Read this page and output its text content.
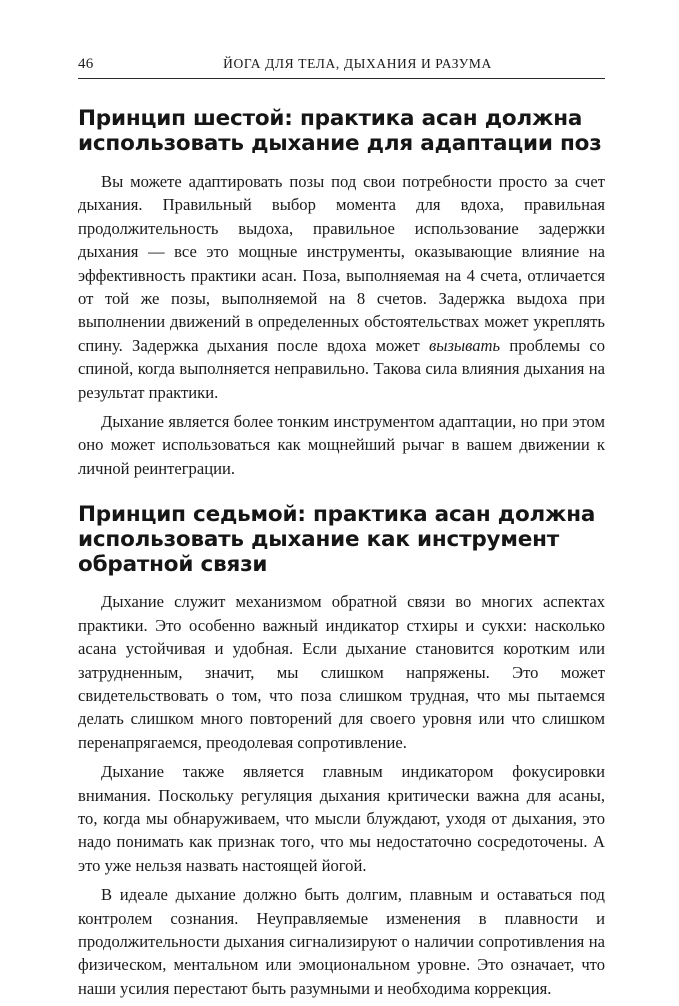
46	ЙОГА ДЛЯ ТЕЛА, ДЫХАНИЯ И РАЗУМА
Принцип шестой: практика асан должна использовать дыхание для адаптации поз

Вы можете адаптировать позы под свои потребности просто за счет дыхания. Правильный выбор момента для вдоха, правильная продолжительность выдоха, правильное использование задержки дыхания — все это мощные инструменты, оказывающие влияние на эффективность практики асан. Поза, выполняемая на 4 счета, отличается от той же позы, выполняемой на 8 счетов. Задержка выдоха при выполнении движений в определенных обстоятельствах может укреплять спину. Задержка дыхания после вдоха может вызывать проблемы со спиной, когда выполняется неправильно. Такова сила влияния дыхания на результат практики.

Дыхание является более тонким инструментом адаптации, но при этом оно может использоваться как мощнейший рычаг в вашем движении к личной реинтеграции.

Принцип седьмой: практика асан должна использовать дыхание как инструмент обратной связи

Дыхание служит механизмом обратной связи во многих аспектах практики. Это особенно важный индикатор стхиры и сукхи: насколько асана устойчивая и удобная. Если дыхание становится коротким или затрудненным, значит, мы слишком напряжены. Это может свидетельствовать о том, что поза слишком трудная, что мы пытаемся делать слишком много повторений для своего уровня или что слишком перенапрягаемся, преодолевая сопротивление.

Дыхание также является главным индикатором фокусировки внимания. Поскольку регуляция дыхания критически важна для асаны, то, когда мы обнаруживаем, что мысли блуждают, уходя от дыхания, это надо понимать как признак того, что мы недостаточно сосредоточены. А это уже нельзя назвать настоящей йогой.

В идеале дыхание должно быть долгим, плавным и оставаться под контролем сознания. Неуправляемые изменения в плавности и продолжительности дыхания сигнализируют о наличии сопротивления на физическом, ментальном или эмоциональном уровне. Это означает, что наши усилия перестают быть разумными и необходима коррекция.
